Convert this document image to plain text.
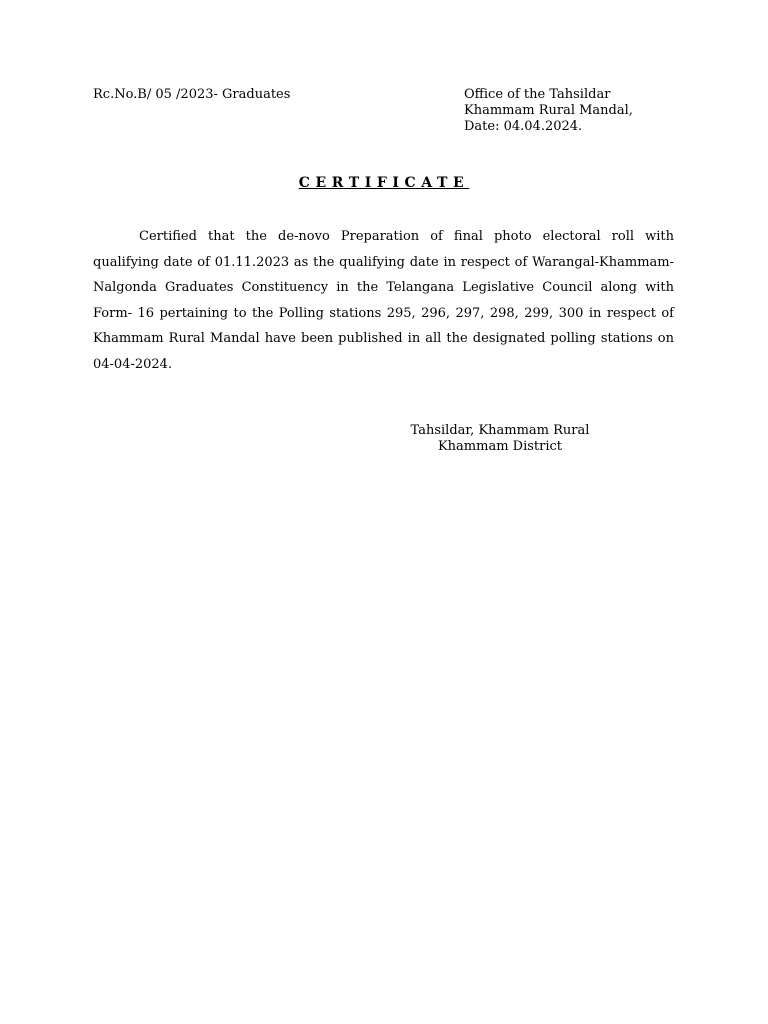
Rc.No.B/ 05 /2023- Graduates	Office of the Tahsildar
Khammam Rural Mandal,
Date: 04.04.2024.
CERTIFICATE

Certified that the de-novo Preparation of final photo electoral roll with qualifying date of 01.11.2023 as the qualifying date in respect of Warangal-Khammam- Nalgonda Graduates Constituency in the Telangana Legislative Council along with Form- 16 pertaining to the Polling stations 295, 296, 297, 298, 299, 300 in respect of Khammam Rural Mandal have been published in all the designated polling stations on 04-04-2024.

Tahsildar, Khammam Rural
Khammam District
